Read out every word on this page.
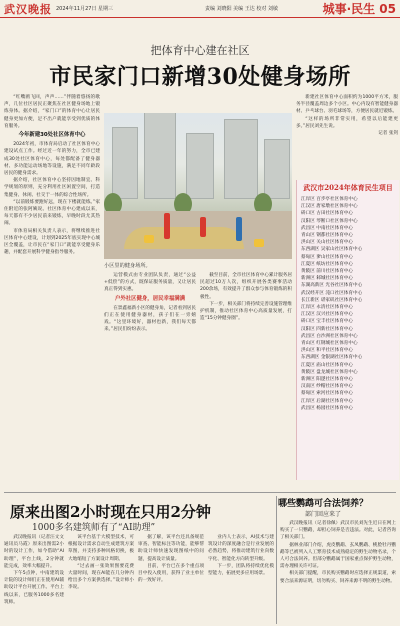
武汉晚报 2024年11月27日 星期三	责编 刘晓阳 美编 王达 校对 刘敏	城事·民生 05
把体育中心建在社区
市民家门口新增30处健身场所

“红嘴鸥飞回，声声……”伴随着悠扬的歌声，几位社区居民正聚焦在社区健身场地上锻炼身体。据介绍，“家门口”的体育中心让居民健身更加方便，足不出户就能享受到优质的体育服务。

今年新建30处社区体育中心

2024年初，市体育局启动了社区体育中心建设试点工作。经过近一年的努力，全市已建成30处社区体育中心，每处都配备了健身器材、多功能运动场地等设施，满足不同年龄段居民的健身需求。

据介绍，社区体育中心坚持因地制宜、科学规划的原则，充分利用社区闲置空间，打造集健身、休闲、社交于一体的综合性场所。

“以前锻炼要跑好远，现在下楼就能练。”家住附近的张阿姨说。社区体育中心建成以来，每天都有不少居民前来锻炼，早晚时段尤其热闹。

市体育局相关负责人表示，将继续推进社区体育中心建设，计划到2025年底实现中心城区全覆盖，让市民在“家门口”就能享受健身乐趣，并配套开展科学健身指导服务。

小区里的健身场所。

运营模式由专业团队负责，通过“公益+低偿”的方式，既保证服务质量，又让居民真正得到实惠。

户外社区健身，居民幸福满满

在景鑫福新小区的健身角，记者看到居民们正在使用健身器材，孩子们在一旁嬉戏。“这里环境好，器材也新，我们每天都来。”居民们纷纷表示。

截至目前，全市社区体育中心累计服务居民超过10万人次，组织开展各类赛事活动200余场，有效提升了群众参与体育锻炼的积极性。

下一步，相关部门将持续完善设施管理维护机制，推动社区体育中心高质量发展，打造“15分钟健身圈”。

新建社区体育中心面积约为1000平方米，服务半径覆盖周边多个小区。中心内设有智能健身器材、乒乓球台、羽毛球场等，方便居民就近锻炼。

“这样的场所非常实用，希望以后能建更多。”居民刘先生说。

记者 张剑
武汉市2024年体育民生项目
江岸区 百步亭社区体育中心
江汉区 唐家墩社区体育中心
硚口区 古田社区体育中心
汉阳区 琴断口社区体育中心
武昌区 中南社区体育中心
青山区 钢都社区体育中心
洪山区 关山社区体育中心
东西湖区 吴家山社区体育中心
蔡甸区 奓山社区体育中心
江夏区 纸坊社区体育中心
黄陂区 前川社区体育中心
新洲区 邾城社区体育中心
东湖高新区 光谷社区体育中心
武汉经开区 沌口社区体育中心
长江新区 谌家矶社区体育中心
江岸区 永清社区体育中心
江汉区 汉兴社区体育中心
硚口区 宝丰社区体育中心
汉阳区 四新社区体育中心
武昌区 白沙洲社区体育中心
青山区 红钢城社区体育中心
洪山区 和平社区体育中心
东西湖区 金银湖社区体育中心
江夏区 庙山社区体育中心
黄陂区 盘龙城社区体育中心
新洲区 阳逻社区体育中心
汉南区 纱帽社区体育中心
蔡甸区 索河社区体育中心
江岸区 后湖社区体育中心
武昌区 杨园社区体育中心
原来出图2小时现在只用2分钟
1000多名建筑师有了“AI助理”

武汉晚报讯（记者汪文文 通讯员马霞）原来出图需2小时的设计工作，如今借助“AI助理”，平台上线，2分钟就能完成，效率大幅提升。

下午5点钟，中南建筑设计院的设计师们正在使用AI辅助设计平台开展工作。平台上线以来，已服务1000多名建筑师。

该平台基于大模型技术，可根据设计需求自动生成建筑方案草图，并支持多种风格切换，极大地缩短了方案设计周期。

“过去画一张效果图要花费大量时间，现在AI能在几分钟内给出多个方案供选择。”设计师小李说。

据了解，该平台还具备规范审查、智能标注等功能，能够帮助设计师快速发现图纸中的问题，提高设计质量。

目前，平台已在多个重点项目中投入使用，获得了业主单位的一致好评。

业内人士表示，AI技术与建筑设计的深度融合是行业发展的必然趋势，将推动建筑行业向数字化、智能化方向转型升级。

下一步，团队将持续优化模型能力，拓展更多应用场景。

哪些鹦鹉可合法饲养？
部门回应来了

武汉晚报讯（记者徐佩）武汉市民刘先生近日在网上购买了一只鹦鹉，却担心饲养是否违法。对此，记者咨询了相关部门。

据林业部门介绍，虎皮鹦鹉、玄凤鹦鹉、桃脸牡丹鹦鹉等已被列入人工繁育技术成熟稳定的野生动物名录，个人可合法饲养。但部分鹦鹉属于国家重点保护野生动物，需办理相关许可证。

相关部门提醒，市民购买鹦鹉时应选择正规渠道，索要合法来源证明，切勿购买、饲养来源不明的野生动物。
